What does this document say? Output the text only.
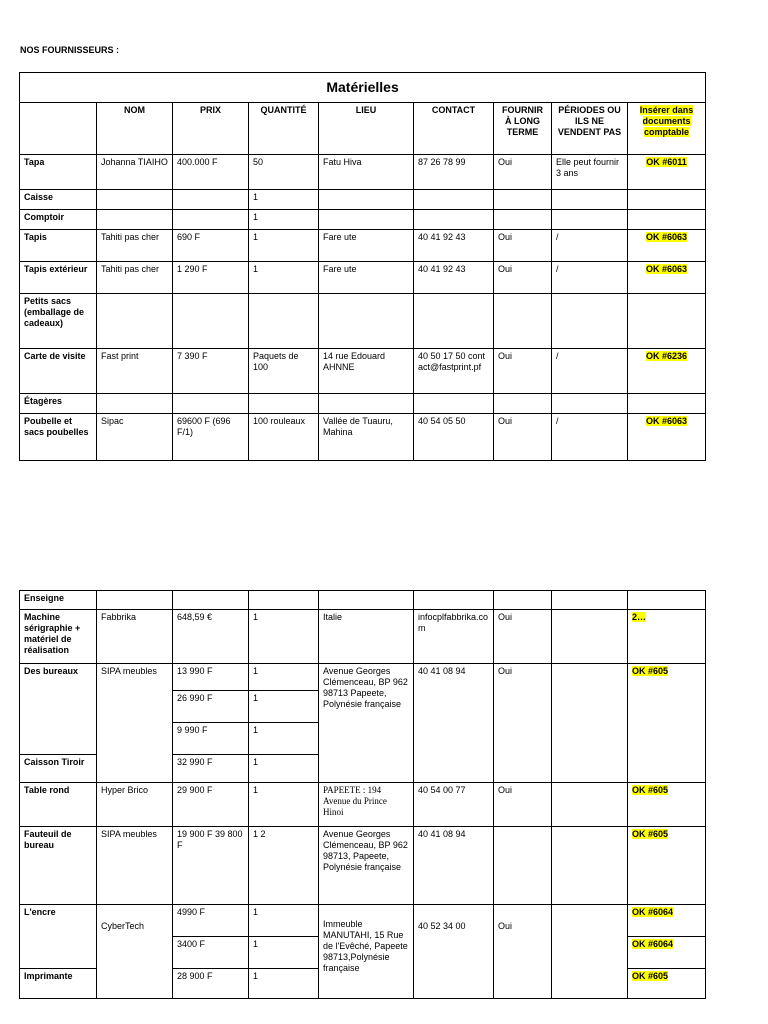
NOS FOURNISSEURS :
Matérielles								
	NOM	PRIX	QUANTITÉ	LIEU	CONTACT	FOURNIR À LONG TERME	PÉRIODES OU ILS NE VENDENT PAS	Insérer dans documents comptable
Tapa	Johanna TIAIHO	400.000 F	50	Fatu Hiva	87 26 78 99	Oui	Elle peut fournir 3 ans	OK #6011
Caisse			1					
Comptoir			1					
Tapis	Tahiti pas cher	690 F	1	Fare ute	40 41 92 43	Oui	/	OK #6063
Tapis extérieur	Tahiti pas cher	1 290 F	1	Fare ute	40 41 92 43	Oui	/	OK #6063
Petits sacs (emballage de cadeaux)								
Carte de visite	Fast print	7 390 F	Paquets de 100	14 rue Edouard AHNNE	40 50 17 50 contact@fastprint.pf	Oui	/	OK #6236
Étagères								
Poubelle et sacs poubelles	Sipac	69600 F (696 F/1)	100 rouleaux	Vallée de Tuauru, Mahina	40 54 05 50	Oui	/	OK #6063
Enseigne								
Machine sérigraphie + matériel de réalisation	Fabbrika	648,59 €	1	Italie	infocplfabbrika.com	Oui		2…
Des bureaux	SIPA meubles	13 990 F	1	Avenue Georges Clémenceau, BP 962 98713 Papeete, Polynésie française	40 41 08 94	Oui		OK #605
		26 990 F	1					
		9 990 F	1					
Caisson Tiroir		32 990 F	1					
Table rond	Hyper Brico	29 900 F	1	PAPEETE : 194 Avenue du Prince Hinoi	40 54 00 77	Oui		OK #605
Fauteuil de bureau	SIPA meubles	19 900 F 39 800 F	1 2	Avenue Georges Clémenceau, BP 962 98713, Papeete, Polynésie française	40 41 08 94			OK #605
L'encre	CyberTech	4990 F	1	Immeuble MANUTAHI, 15 Rue de l'Evêché, Papeete 98713,Polynésie française	40 52 34 00	Oui		OK #6064
		3400 F	1					OK #6064
Imprimante		28 900 F	1					OK #605
